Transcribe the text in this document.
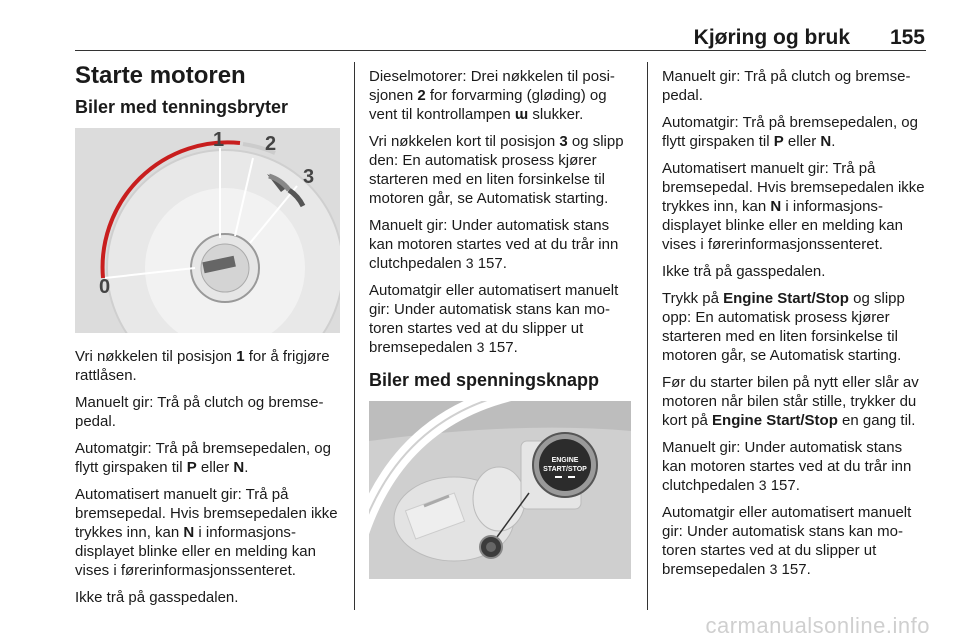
Kjøring og bruk 155
Starte motoren
Biler med tenningsbryter
1 2
3
0

Vri nøkkelen til posisjon 1 for å frigjøre rattlåsen.

Manuelt gir: Trå på clutch og bremsepedal.

Automatgir: Trå på bremsepedalen, og flytt girspaken til P eller N.

Automatisert manuelt gir: Trå på bremsepedal. Hvis bremsepedalen ikke trykkes inn, kan N i informasjonsdisplayet blinke eller en melding kan vises i førerinformasjonssenteret.

Ikke trå på gasspedalen.

Dieselmotorer: Drei nøkkelen til posisjonen 2 for forvarming (gløding) og vent til kontrollampen ɯ slukker.

Vri nøkkelen kort til posisjon 3 og slipp den: En automatisk prosess kjører starteren med en liten forsinkelse til motoren går, se Automatisk starting.

Manuelt gir: Under automatisk stans kan motoren startes ved at du trår inn clutchpedalen 3 157.

Automatgir eller automatisert manuelt gir: Under automatisk stans kan motoren startes ved at du slipper ut bremsepedalen 3 157.

Biler med spenningsknapp
ENGINE
START/STOP

Manuelt gir: Trå på clutch og bremsepedal.

Automatgir: Trå på bremsepedalen, og flytt girspaken til P eller N.

Automatisert manuelt gir: Trå på bremsepedal. Hvis bremsepedalen ikke trykkes inn, kan N i informasjonsdisplayet blinke eller en melding kan vises i førerinformasjonssenteret.

Ikke trå på gasspedalen.

Trykk på Engine Start/Stop og slipp opp: En automatisk prosess kjører starteren med en liten forsinkelse til motoren går, se Automatisk starting.

Før du starter bilen på nytt eller slår av motoren når bilen står stille, trykker du kort på Engine Start/Stop en gang til.

Manuelt gir: Under automatisk stans kan motoren startes ved at du trår inn clutchpedalen 3 157.

Automatgir eller automatisert manuelt gir: Under automatisk stans kan motoren startes ved at du slipper ut bremsepedalen 3 157.

carmanualsonline.info
